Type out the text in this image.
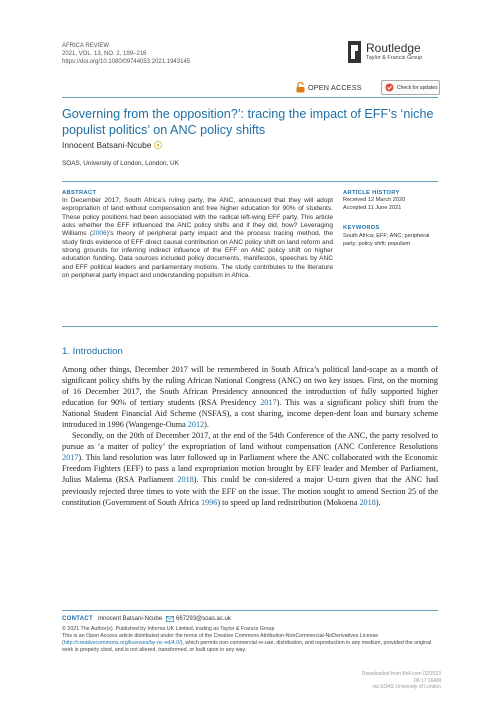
AFRICA REVIEW
2021, VOL. 13, NO. 2, 199–216
https://doi.org/10.1080/09744053.2021.1943145
Routledge
Taylor & Francis Group
OPEN ACCESS	Check for updates
Governing from the opposition?’: tracing the impact of EFF’s ‘niche populist politics’ on ANC policy shifts
Innocent Batsani-Ncube
SOAS, University of London, London, UK
ABSTRACT

In December 2017, South Africa’s ruling party, the ANC, announced that they will adopt expropriation of land without compensation and free higher education for 90% of students. These policy positions had been associated with the radical left-wing EFF party. This article asks whether the EFF influenced the ANC policy shifts and if they did, how? Leveraging Williams (2006)’s theory of peripheral party impact and the process tracing method, the study finds evidence of EFF direct causal contribution on ANC policy shift on land reform and strong grounds for inferring indirect influence of the EFF on ANC policy shift on higher education funding. Data sources included policy documents, manifestos, speeches by ANC and EFF political leaders and parliamentary motions. The study contributes to the literature on peripheral party impact and understanding populism in Africa.

ARTICLE HISTORY
Received 12 March 2020
Accepted 11 June 2021
KEYWORDS
South Africa; EFF; ANC; peripheral party; policy shift; populism
1. Introduction

Among other things, December 2017 will be remembered in South Africa’s political land-scape as a month of significant policy shifts by the ruling African National Congress (ANC) on two key issues. First, on the morning of 16 December 2017, the South African Presidency announced the introduction of fully supported higher education for 90% of tertiary students (RSA Presidency 2017). This was a significant policy shift from the National Student Financial Aid Scheme (NSFAS), a cost sharing, income depen-dent loan and bursary scheme introduced in 1996 (Wangenge-Ouma 2012).

Secondly, on the 20th of December 2017, at the end of the 54th Conference of the ANC, the party resolved to pursue as ‘a matter of policy’ the expropriation of land without compensation (ANC Conference Resolutions 2017). This land resolution was later followed up in Parliament where the ANC collaborated with the Economic Freedom Fighters (EFF) to pass a land expropriation motion brought by EFF leader and Member of Parliament, Julius Malema (RSA Parliament 2018). This could be con-sidered a major U-turn given that the ANC had previously rejected three times to vote with the EFF on the issue. The motion sought to amend Section 25 of the constitution (Government of South Africa 1996) to speed up land redistribution (Mokoena 2018).

CONTACT Innocent Batsani-Ncube 667293@soas.ac.uk
© 2021 The Author(s). Published by Informa UK Limited, trading as Taylor & Francis Group
This is an Open Access article distributed under the terms of the Creative Commons Attribution-NonCommercial-NoDerivatives License (http://creativecommons.org/licenses/by-nc-nd/4.0/), which permits non-commercial re-use, distribution, and reproduction in any medium, provided the original work is properly cited, and is not altered, transformed, or built upon in any way.
Downloaded from Brill.com 02/2023 06:17:16AM
via SOAS University of London
